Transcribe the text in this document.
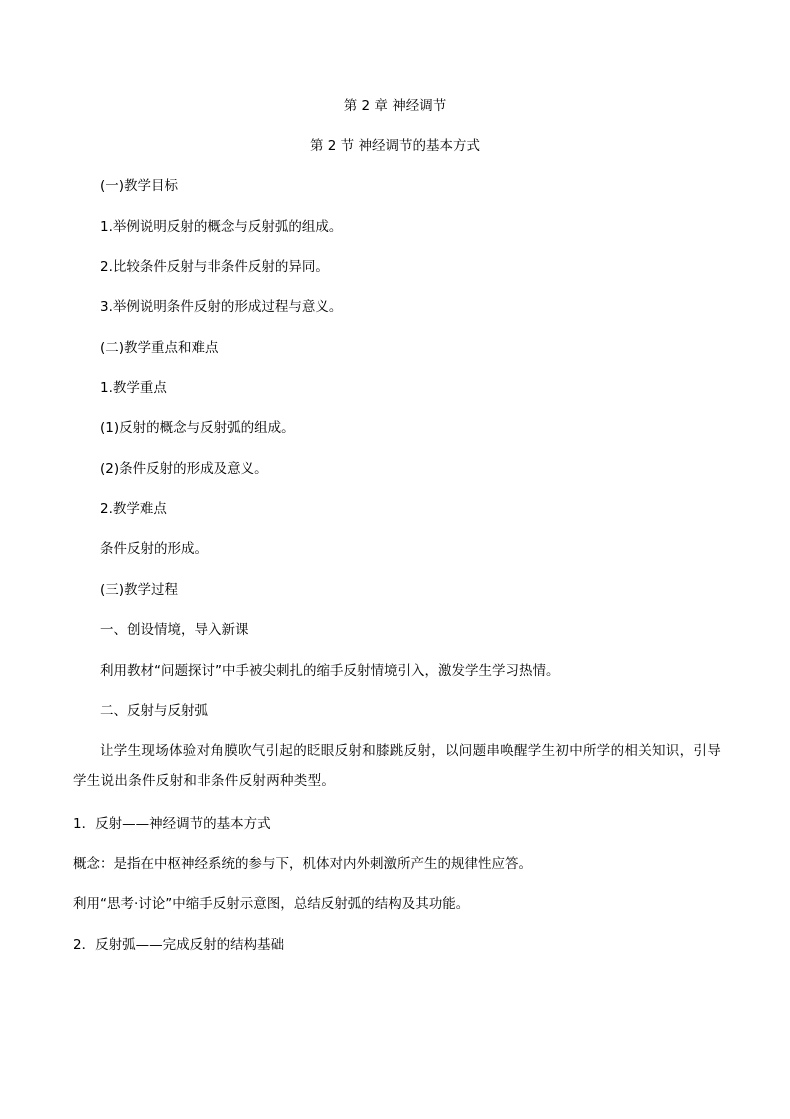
第 2 章 神经调节
第 2 节 神经调节的基本方式
(一)教学目标
1.举例说明反射的概念与反射弧的组成。
2.比较条件反射与非条件反射的异同。
3.举例说明条件反射的形成过程与意义。
(二)教学重点和难点
1.教学重点
(1)反射的概念与反射弧的组成。
(2)条件反射的形成及意义。
2.教学难点
条件反射的形成。
(三)教学过程
一、创设情境，导入新课
利用教材“问题探讨”中手被尖刺扎的缩手反射情境引入，激发学生学习热情。
二、反射与反射弧
让学生现场体验对角膜吹气引起的眨眼反射和膝跳反射，以问题串唤醒学生初中所学的相关知识，引导学生说出条件反射和非条件反射两种类型。
1．反射——神经调节的基本方式
概念：是指在中枢神经系统的参与下，机体对内外刺激所产生的规律性应答。
利用“思考·讨论”中缩手反射示意图，总结反射弧的结构及其功能。
2．反射弧——完成反射的结构基础
